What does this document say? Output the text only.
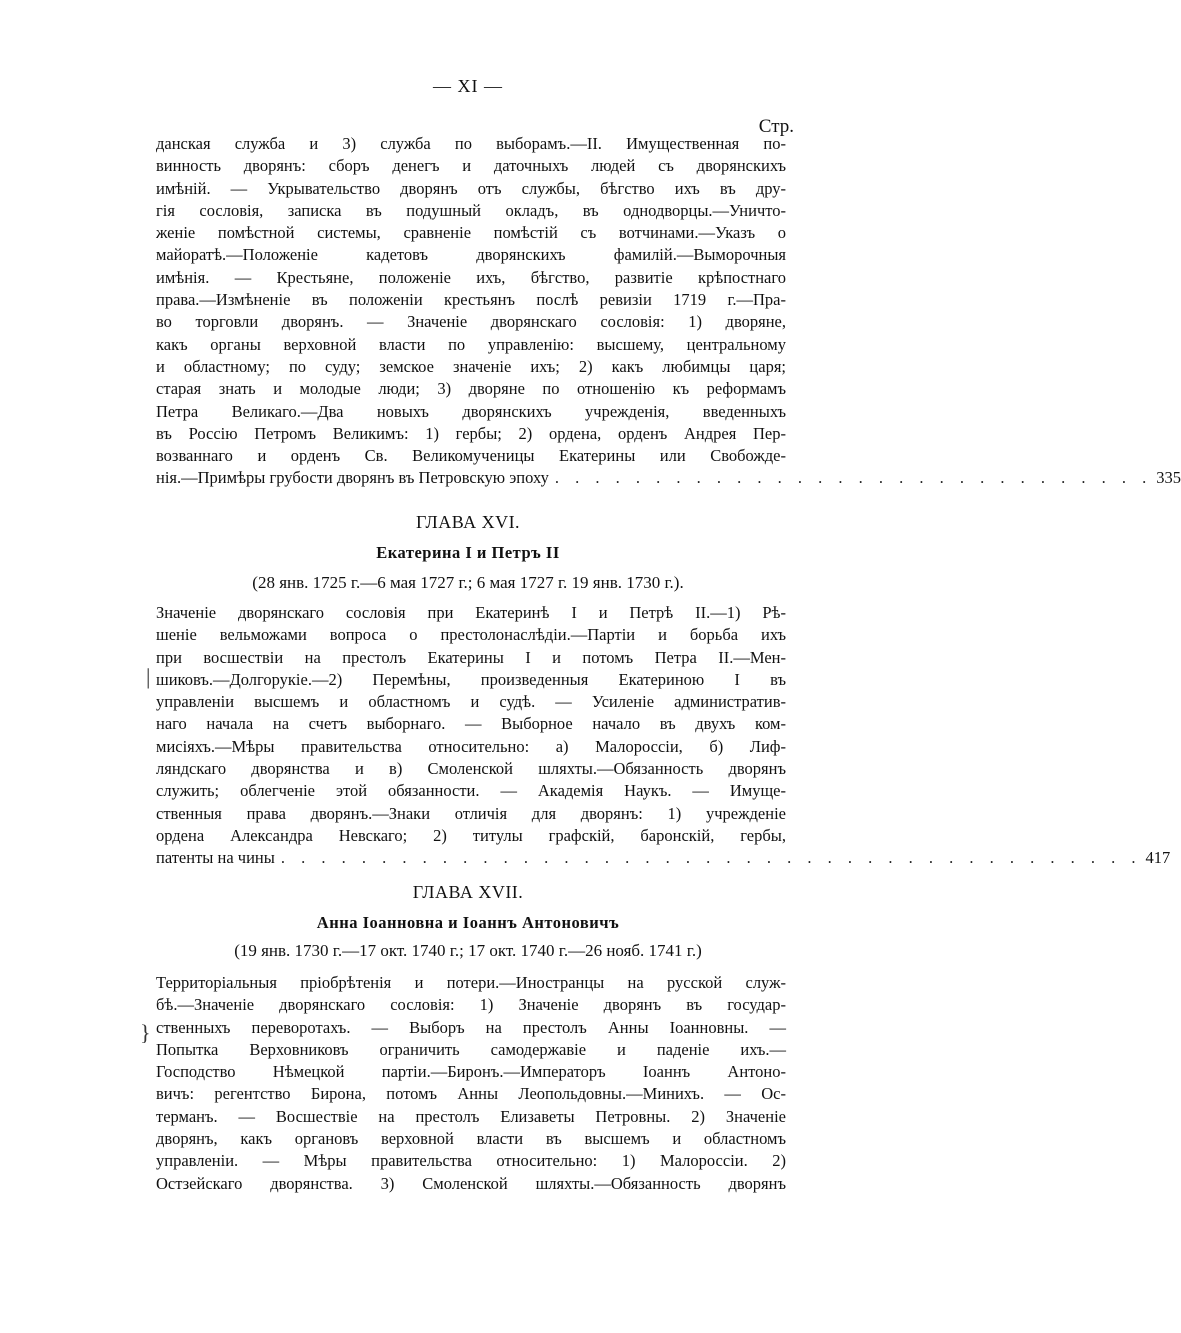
— XI —
Стр.
данская служба и 3) служба по выборамъ.—II. Имущественная по-
винность дворянъ: сборъ денегъ и даточныхъ людей съ дворянскихъ
имѣній. — Укрывательство дворянъ отъ службы, бѣгство ихъ въ дру-
гія сословія, записка въ подушный окладъ, въ однодворцы.—Уничто-
женіе помѣстной системы, сравненіе помѣстій съ вотчинами.—Указъ о
майоратѣ.—Положеніе кадетовъ дворянскихъ фамилій.—Выморочныя
имѣнія. — Крестьяне, положеніе ихъ, бѣгство, развитіе крѣпостнаго
права.—Измѣненіе въ положеніи крестьянъ послѣ ревизіи 1719 г.—Пра-
во торговли дворянъ. — Значеніе дворянскаго сословія: 1) дворяне,
какъ органы верховной власти по управленію: высшему, центральному
и областному; по суду; земское значеніе ихъ; 2) какъ любимцы царя;
старая знать и молодые люди; 3) дворяне по отношенію къ реформамъ
Петра Великаго.—Два новыхъ дворянскихъ учрежденія, введенныхъ
въ Россію Петромъ Великимъ: 1) гербы; 2) ордена, орденъ Андрея Пер-
возваннаго и орденъ Св. Великомученицы Екатерины или Свобожде-
нія.—Примѣры грубости дворянъ въ Петровскую эпоху . . . . . . . . . . . . . . . . . . . . . . . . . . . . . . 335
ГЛАВА XVI.
Екатерина I и Петръ II
(28 янв. 1725 г.—6 мая 1727 г.; 6 мая 1727 г. 19 янв. 1730 г.).
|
Значеніе дворянскаго сословія при Екатеринѣ I и Петрѣ II.—1) Рѣ-
шеніе вельможами вопроса о престолонаслѣдіи.—Партіи и борьба ихъ
при восшествіи на престолъ Екатерины I и потомъ Петра II.—Мен-
шиковъ.—Долгорукіе.—2) Перемѣны, произведенныя Екатериною I въ
управленіи высшемъ и областномъ и судѣ. — Усиленіе административ-
наго начала на счетъ выборнаго. — Выборное начало въ двухъ ком-
мисіяхъ.—Мѣры правительства относительно: а) Малороссіи, б) Лиф-
ляндскаго дворянства и в) Смоленской шляхты.—Обязанность дворянъ
служить; облегченіе этой обязанности. — Академія Наукъ. — Имуще-
ственныя права дворянъ.—Знаки отличія для дворянъ: 1) учрежденіе
ордена Александра Невскаго; 2) титулы графскій, баронскій, гербы,
патенты на чины . . . . . . . . . . . . . . . . . . . . . . . . . . . . . . . . . . . . . . . . . . . 417
ГЛАВА XVII.
Анна Іоанновна и Іоаннъ Антоновичъ
(19 янв. 1730 г.—17 окт. 1740 г.; 17 окт. 1740 г.—26 нояб. 1741 г.)
}
Территоріальныя пріобрѣтенія и потери.—Иностранцы на русской служ-
бѣ.—Значеніе дворянскаго сословія: 1) Значеніе дворянъ въ государ-
ственныхъ переворотахъ. — Выборъ на престолъ Анны Іоанновны. —
Попытка Верховниковъ ограничить самодержавіе и паденіе ихъ.—
Господство Нѣмецкой партіи.—Биронъ.—Императоръ Іоаннъ Антоно-
вичъ: регентство Бирона, потомъ Анны Леопольдовны.—Минихъ. — Ос-
терманъ. — Восшествіе на престолъ Елизаветы Петровны. 2) Значеніе
дворянъ, какъ органовъ верховной власти въ высшемъ и областномъ
управленіи. — Мѣры правительства относительно: 1) Малороссіи. 2)
Остзейскаго дворянства. 3) Смоленской шляхты.—Обязанность дворянъ
